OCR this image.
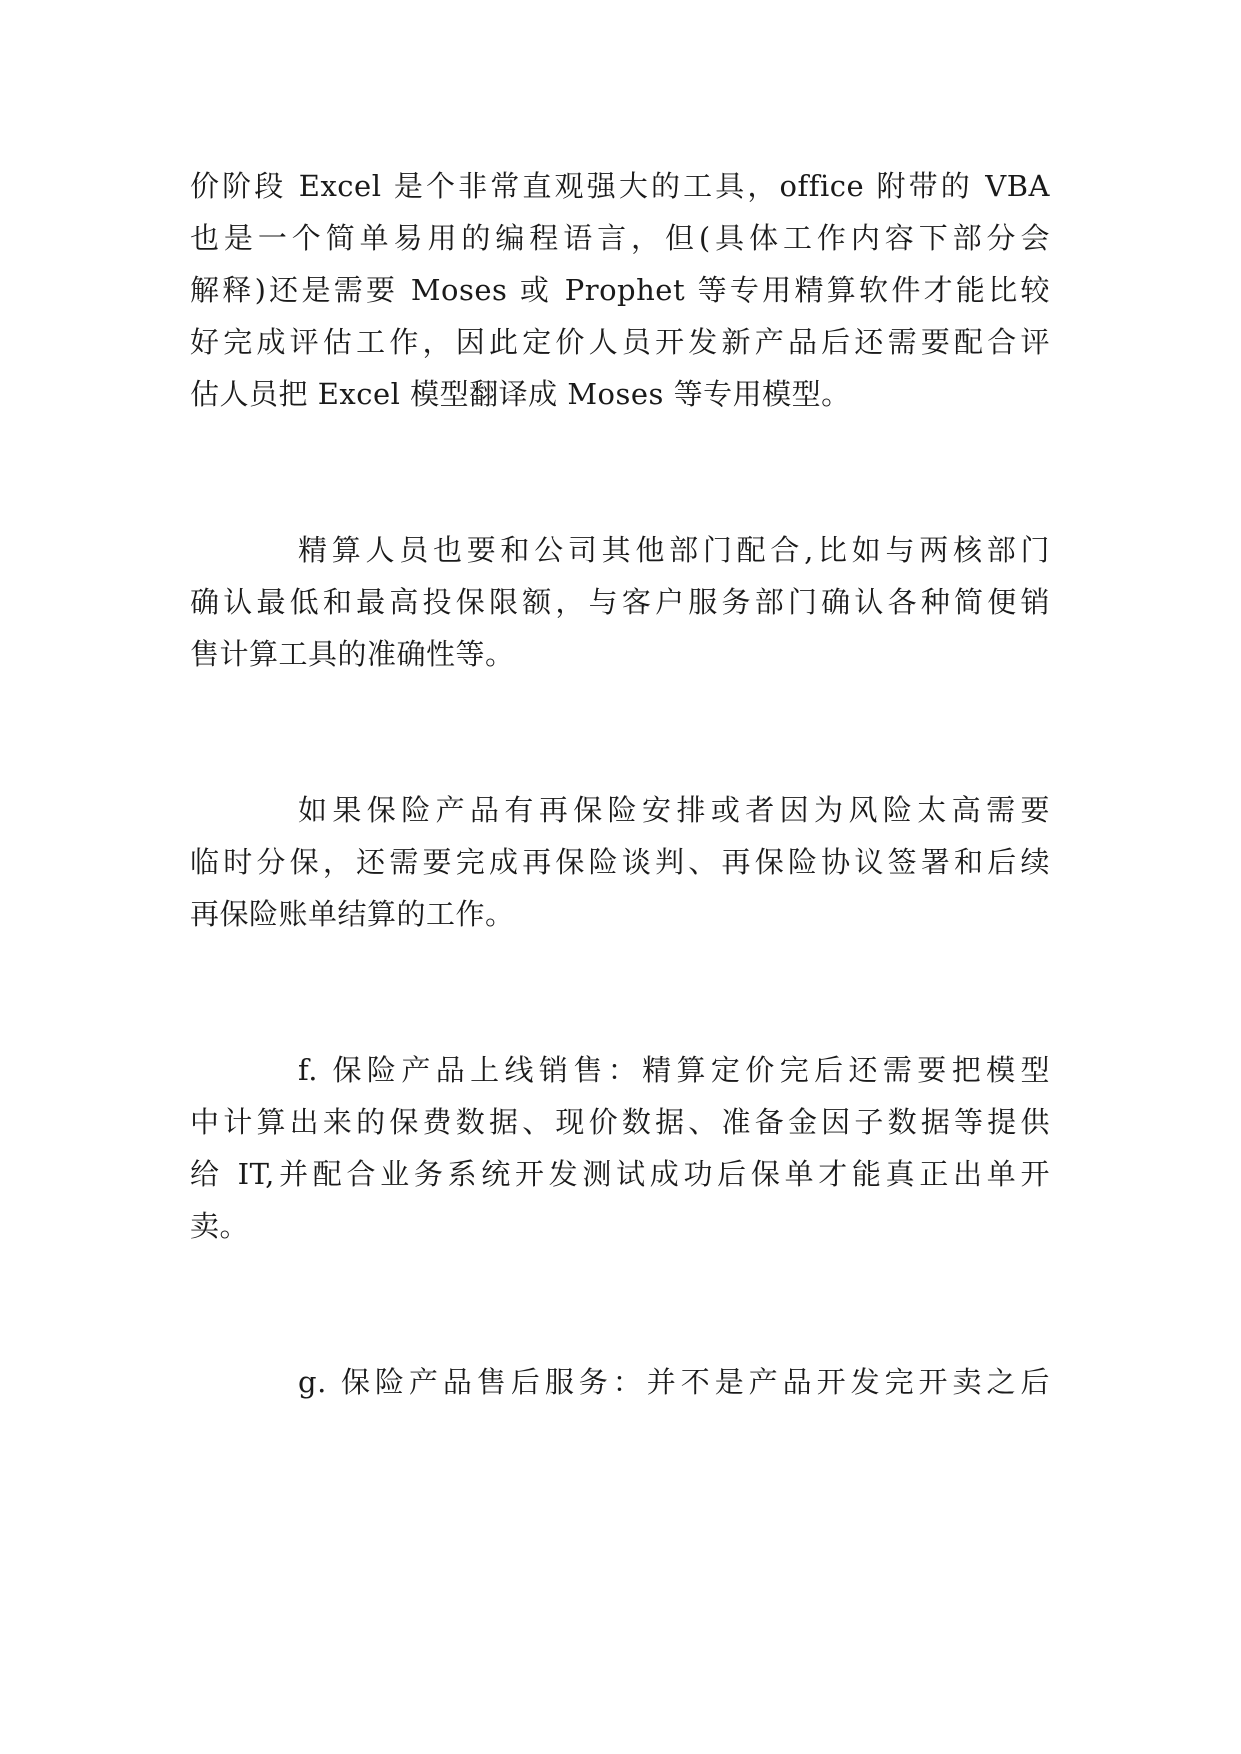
价阶段 Excel 是个非常直观强大的工具，office 附带的 VBA
也是一个简单易用的编程语言，但(具体工作内容下部分会
解释)还是需要 Moses 或 Prophet 等专用精算软件才能比较
好完成评估工作，因此定价人员开发新产品后还需要配合评
估人员把 Excel 模型翻译成 Moses 等专用模型。
精算人员也要和公司其他部门配合,比如与两核部门
确认最低和最高投保限额，与客户服务部门确认各种简便销
售计算工具的准确性等。
如果保险产品有再保险安排或者因为风险太高需要
临时分保，还需要完成再保险谈判、再保险协议签署和后续
再保险账单结算的工作。
f. 保险产品上线销售：精算定价完后还需要把模型
中计算出来的保费数据、现价数据、准备金因子数据等提供
给 IT,并配合业务系统开发测试成功后保单才能真正出单开
卖。
g. 保险产品售后服务：并不是产品开发完开卖之后
